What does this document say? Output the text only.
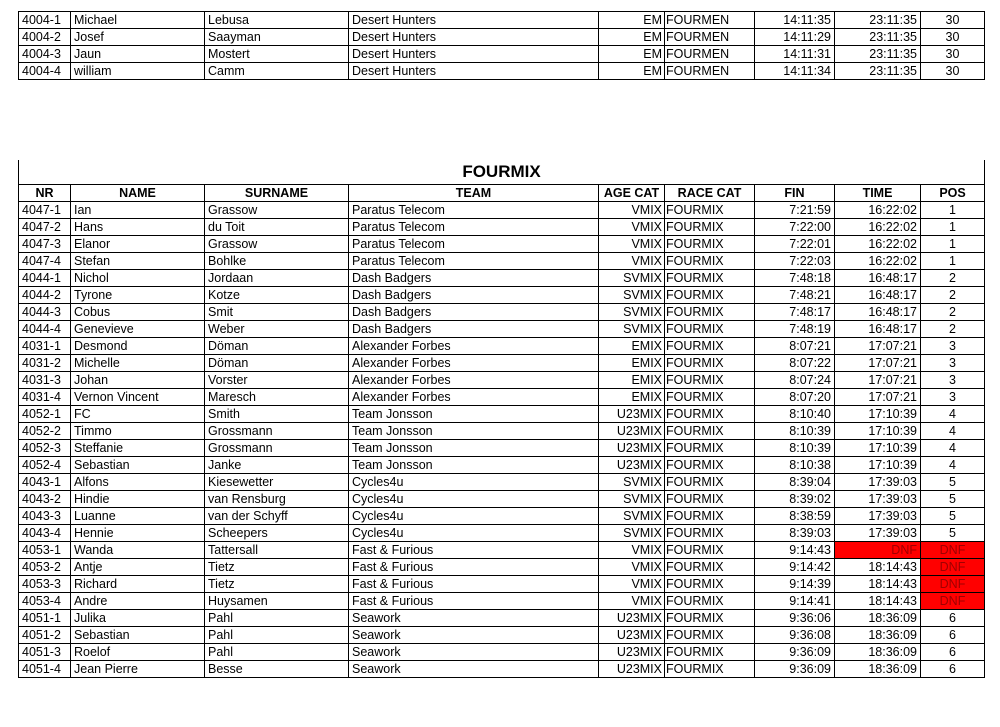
4004-1	Michael	Lebusa	Desert Hunters	EM	FOURMEN	14:11:35	23:11:35	30
4004-2	Josef	Saayman	Desert Hunters	EM	FOURMEN	14:11:29	23:11:35	30
4004-3	Jaun	Mostert	Desert Hunters	EM	FOURMEN	14:11:31	23:11:35	30
4004-4	william	Camm	Desert Hunters	EM	FOURMEN	14:11:34	23:11:35	30
FOURMIX								
NR	NAME	SURNAME	TEAM	AGE CAT	RACE CAT	FIN	TIME	POS
4047-1	Ian	Grassow	Paratus Telecom	VMIX	FOURMIX	7:21:59	16:22:02	1
4047-2	Hans	du Toit	Paratus Telecom	VMIX	FOURMIX	7:22:00	16:22:02	1
4047-3	Elanor	Grassow	Paratus Telecom	VMIX	FOURMIX	7:22:01	16:22:02	1
4047-4	Stefan	Bohlke	Paratus Telecom	VMIX	FOURMIX	7:22:03	16:22:02	1
4044-1	Nichol	Jordaan	Dash Badgers	SVMIX	FOURMIX	7:48:18	16:48:17	2
4044-2	Tyrone	Kotze	Dash Badgers	SVMIX	FOURMIX	7:48:21	16:48:17	2
4044-3	Cobus	Smit	Dash Badgers	SVMIX	FOURMIX	7:48:17	16:48:17	2
4044-4	Genevieve	Weber	Dash Badgers	SVMIX	FOURMIX	7:48:19	16:48:17	2
4031-1	Desmond	Döman	Alexander Forbes	EMIX	FOURMIX	8:07:21	17:07:21	3
4031-2	Michelle	Döman	Alexander Forbes	EMIX	FOURMIX	8:07:22	17:07:21	3
4031-3	Johan	Vorster	Alexander Forbes	EMIX	FOURMIX	8:07:24	17:07:21	3
4031-4	Vernon Vincent	Maresch	Alexander Forbes	EMIX	FOURMIX	8:07:20	17:07:21	3
4052-1	FC	Smith	Team Jonsson	U23MIX	FOURMIX	8:10:40	17:10:39	4
4052-2	Timmo	Grossmann	Team Jonsson	U23MIX	FOURMIX	8:10:39	17:10:39	4
4052-3	Steffanie	Grossmann	Team Jonsson	U23MIX	FOURMIX	8:10:39	17:10:39	4
4052-4	Sebastian	Janke	Team Jonsson	U23MIX	FOURMIX	8:10:38	17:10:39	4
4043-1	Alfons	Kiesewetter	Cycles4u	SVMIX	FOURMIX	8:39:04	17:39:03	5
4043-2	Hindie	van Rensburg	Cycles4u	SVMIX	FOURMIX	8:39:02	17:39:03	5
4043-3	Luanne	van der Schyff	Cycles4u	SVMIX	FOURMIX	8:38:59	17:39:03	5
4043-4	Hennie	Scheepers	Cycles4u	SVMIX	FOURMIX	8:39:03	17:39:03	5
4053-1	Wanda	Tattersall	Fast & Furious	VMIX	FOURMIX	9:14:43	DNF	DNF
4053-2	Antje	Tietz	Fast & Furious	VMIX	FOURMIX	9:14:42	18:14:43	DNF
4053-3	Richard	Tietz	Fast & Furious	VMIX	FOURMIX	9:14:39	18:14:43	DNF
4053-4	Andre	Huysamen	Fast & Furious	VMIX	FOURMIX	9:14:41	18:14:43	DNF
4051-1	Julika	Pahl	Seawork	U23MIX	FOURMIX	9:36:06	18:36:09	6
4051-2	Sebastian	Pahl	Seawork	U23MIX	FOURMIX	9:36:08	18:36:09	6
4051-3	Roelof	Pahl	Seawork	U23MIX	FOURMIX	9:36:09	18:36:09	6
4051-4	Jean Pierre	Besse	Seawork	U23MIX	FOURMIX	9:36:09	18:36:09	6
